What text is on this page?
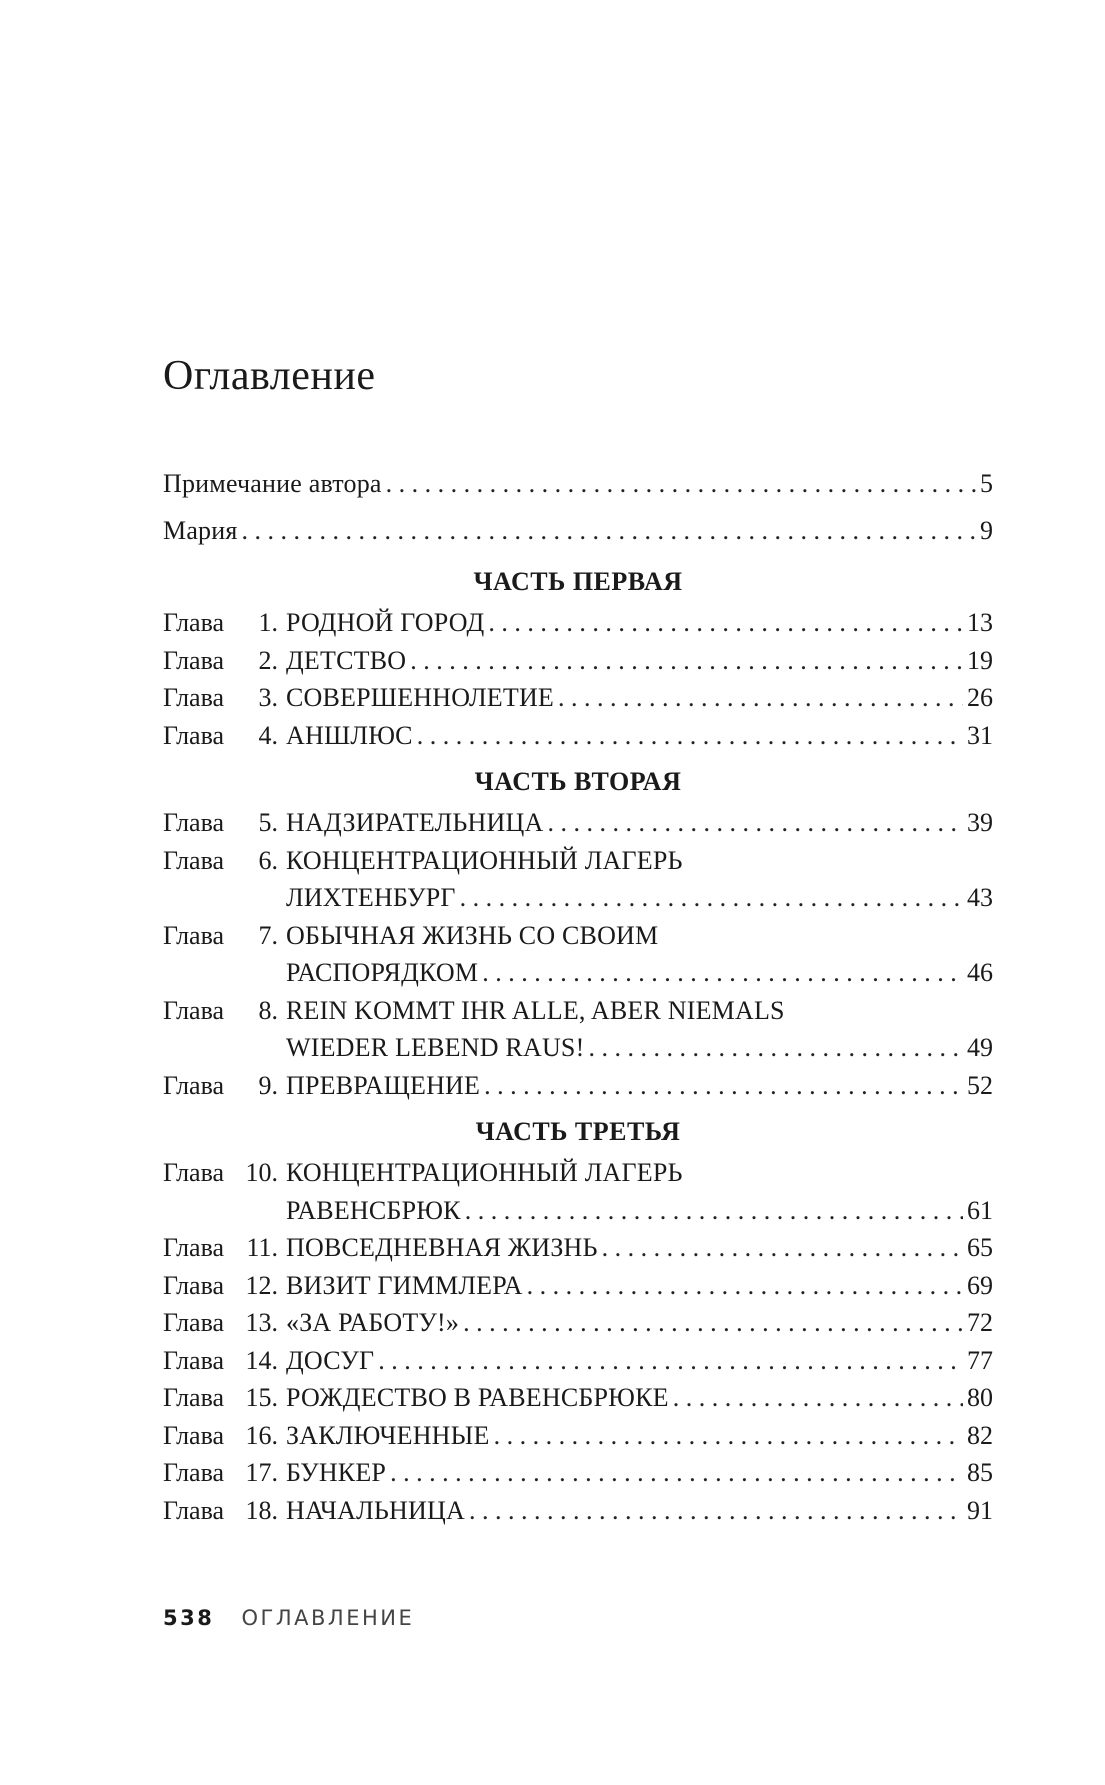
Оглавление
Примечание автора . . .	5
Мария . . .	9
ЧАСТЬ ПЕРВАЯ
Глава	1. РОДНОЙ ГОРОД . . .	13
Глава	2. ДЕТСТВО . . .	19
Глава	3. СОВЕРШЕННОЛЕТИЕ . . .	26
Глава	4. АНШЛЮС . . .	31
ЧАСТЬ ВТОРАЯ
Глава	5. НАДЗИРАТЕЛЬНИЦА . . .	39
Глава	6. КОНЦЕНТРАЦИОННЫЙ ЛАГЕРЬ
ЛИХТЕНБУРГ . . .	43
Глава	7. ОБЫЧНАЯ ЖИЗНЬ СО СВОИМ
РАСПОРЯДКОМ . . .	46
Глава	8. REIN KOMMT IHR ALLE, ABER NIEMALS
WIEDER LEBEND RAUS! . . .	49
Глава	9. ПРЕВРАЩЕНИЕ . . .	52
ЧАСТЬ ТРЕТЬЯ
Глава 10. КОНЦЕНТРАЦИОННЫЙ ЛАГЕРЬ
РАВЕНСБРЮК . . .	61
Глава 11. ПОВСЕДНЕВНАЯ ЖИЗНЬ . . .	65
Глава 12. ВИЗИТ ГИММЛЕРА . . .	69
Глава 13. «ЗА РАБОТУ!» . . .	72
Глава 14. ДОСУГ . . .	77
Глава 15. РОЖДЕСТВО В РАВЕНСБРЮКЕ . . .	80
Глава 16. ЗАКЛЮЧЕННЫЕ . . .	82
Глава 17. БУНКЕР . . .	85
Глава 18. НАЧАЛЬНИЦА . . .	91
538 ОГЛАВЛЕНИЕ
